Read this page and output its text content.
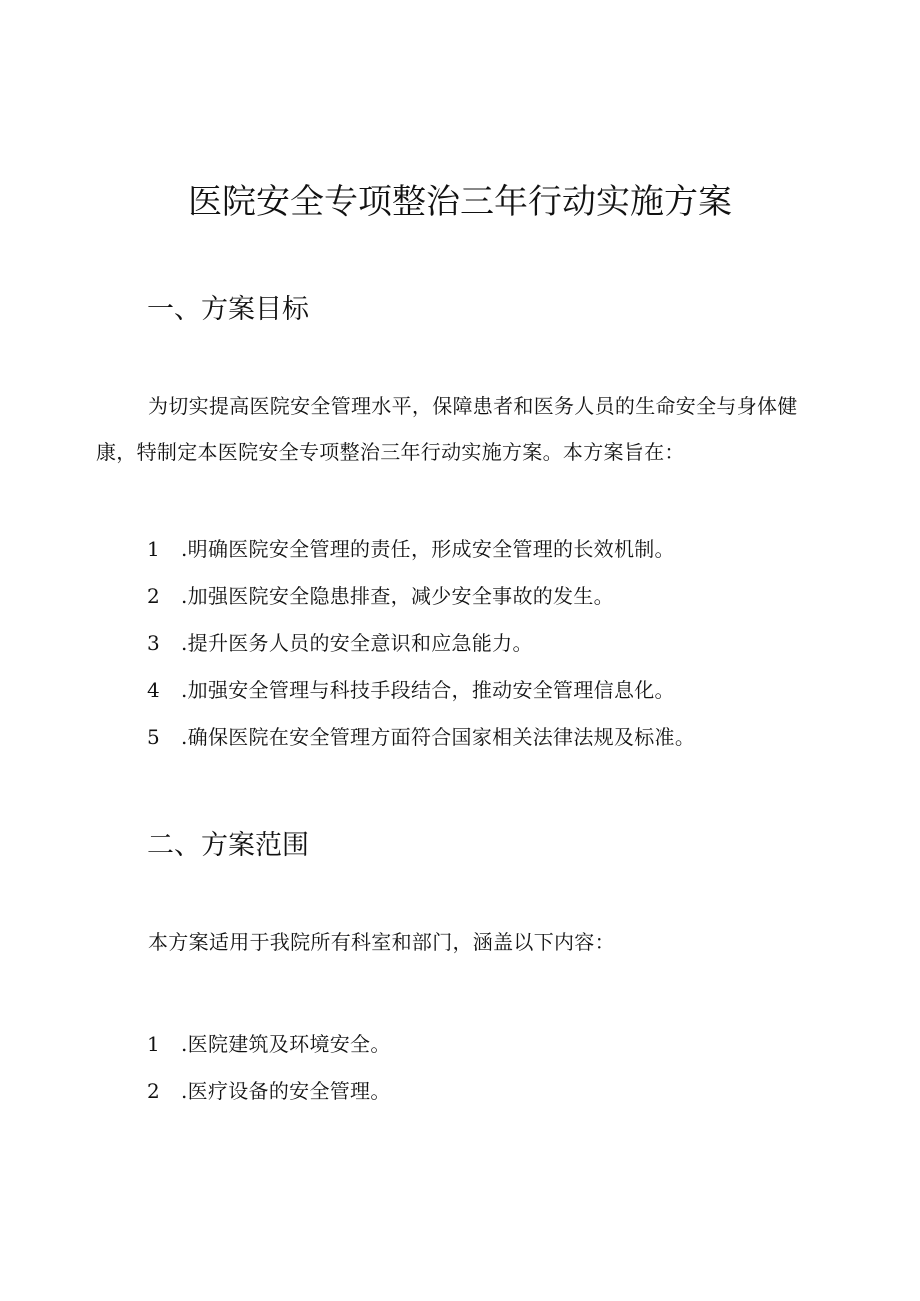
医院安全专项整治三年行动实施方案
一、方案目标
为切实提高医院安全管理水平，保障患者和医务人员的生命安全与身体健康，特制定本医院安全专项整治三年行动实施方案。本方案旨在：
1 .明确医院安全管理的责任，形成安全管理的长效机制。
2 .加强医院安全隐患排查，减少安全事故的发生。
3 .提升医务人员的安全意识和应急能力。
4 .加强安全管理与科技手段结合，推动安全管理信息化。
5 .确保医院在安全管理方面符合国家相关法律法规及标准。
二、方案范围
本方案适用于我院所有科室和部门，涵盖以下内容：
1 .医院建筑及环境安全。
2 .医疗设备的安全管理。
